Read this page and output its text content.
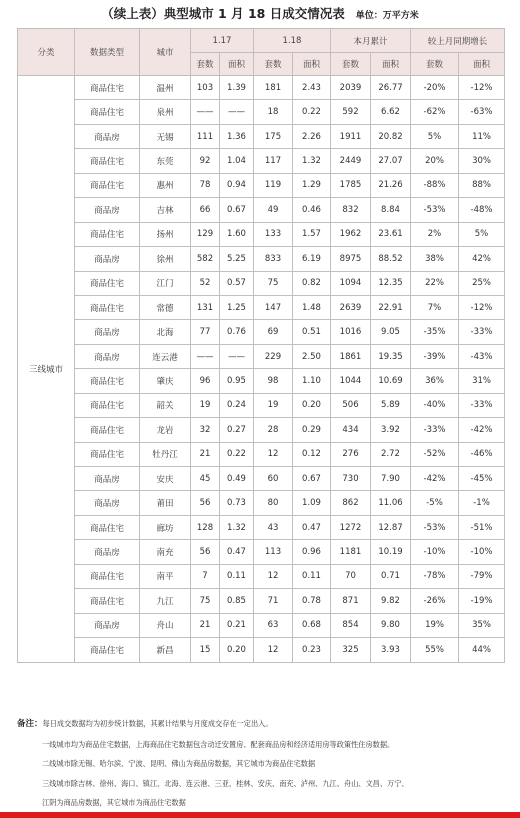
（续上表）典型城市 1 月 18 日成交情况表 单位：万平方米
分类	数据类型	城市	1.17		1.18		本月累计		较上月同期增长	
			套数	面积	套数	面积	套数	面积	套数	面积
三线城市	商品住宅	温州	103	1.39	181	2.43	2039	26.77	-20%	-12%
	商品住宅	泉州	——	——	18	0.22	592	6.62	-62%	-63%
	商品房	无锡	111	1.36	175	2.26	1911	20.82	5%	11%
	商品住宅	东莞	92	1.04	117	1.32	2449	27.07	20%	30%
	商品住宅	惠州	78	0.94	119	1.29	1785	21.26	-88%	88%
	商品房	吉林	66	0.67	49	0.46	832	8.84	-53%	-48%
	商品住宅	扬州	129	1.60	133	1.57	1962	23.61	2%	5%
	商品房	徐州	582	5.25	833	6.19	8975	88.52	38%	42%
	商品住宅	江门	52	0.57	75	0.82	1094	12.35	22%	25%
	商品住宅	常德	131	1.25	147	1.48	2639	22.91	7%	-12%
	商品房	北海	77	0.76	69	0.51	1016	9.05	-35%	-33%
	商品房	连云港	——	——	229	2.50	1861	19.35	-39%	-43%
	商品住宅	肇庆	96	0.95	98	1.10	1044	10.69	36%	31%
	商品住宅	韶关	19	0.24	19	0.20	506	5.89	-40%	-33%
	商品住宅	龙岩	32	0.27	28	0.29	434	3.92	-33%	-42%
	商品住宅	牡丹江	21	0.22	12	0.12	276	2.72	-52%	-46%
	商品房	安庆	45	0.49	60	0.67	730	7.90	-42%	-45%
	商品房	莆田	56	0.73	80	1.09	862	11.06	-5%	-1%
	商品住宅	廊坊	128	1.32	43	0.47	1272	12.87	-53%	-51%
	商品房	南充	56	0.47	113	0.96	1181	10.19	-10%	-10%
	商品住宅	南平	7	0.11	12	0.11	70	0.71	-78%	-79%
	商品住宅	九江	75	0.85	71	0.78	871	9.82	-26%	-19%
	商品房	舟山	21	0.21	63	0.68	854	9.80	19%	35%
	商品住宅	新昌	15	0.20	12	0.23	325	3.93	55%	44%
备注：每日成交数据均为初步统计数据，其累计结果与月度成交存在一定出入。
一线城市均为商品住宅数据，上海商品住宅数据包含动迁安置房、配套商品房和经济适用房等政策性住房数据。
二线城市除无锡、哈尔滨、宁波、昆明、佛山为商品房数据，其它城市为商品住宅数据
三线城市除吉林、徐州、海口、镇江、北海、连云港、三亚、桂林、安庆、南充、泸州、九江、舟山、文昌、万宁、
江阴为商品房数据，其它城市为商品住宅数据
